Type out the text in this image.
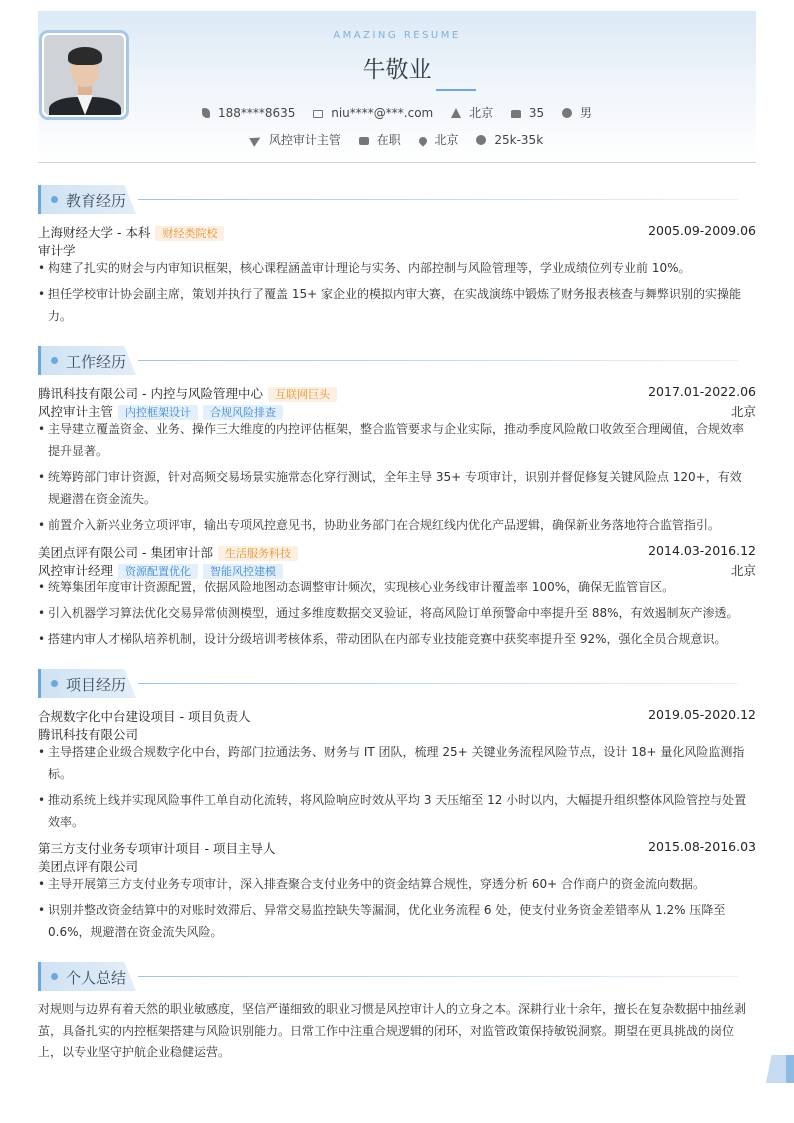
AMAZING RESUME
牛敬业
188****8635	niu****@***.com	北京	35	男
风控审计主管	在职	北京	25k-35k
教育经历
上海财经大学 - 本科 财经类院校	2005.09-2009.06
审计学
• 构建了扎实的财会与内审知识框架，核心课程涵盖审计理论与实务、内部控制与风险管理等，学业成绩位列专业前 10%。
• 担任学校审计协会副主席，策划并执行了覆盖 15+ 家企业的模拟内审大赛，在实战演练中锻炼了财务报表核查与舞弊识别的实操能力。
工作经历
腾讯科技有限公司 - 内控与风险管理中心 互联网巨头	2017.01-2022.06
风控审计主管 内控框架设计 合规风险排查	北京
• 主导建立覆盖资金、业务、操作三大维度的内控评估框架，整合监管要求与企业实际，推动季度风险敞口收敛至合理阈值，合规效率提升显著。
• 统筹跨部门审计资源，针对高频交易场景实施常态化穿行测试，全年主导 35+ 专项审计，识别并督促修复关键风险点 120+，有效规避潜在资金流失。
• 前置介入新兴业务立项评审，输出专项风控意见书，协助业务部门在合规红线内优化产品逻辑，确保新业务落地符合监管指引。
美团点评有限公司 - 集团审计部 生活服务科技	2014.03-2016.12
风控审计经理 资源配置优化 智能风控建模	北京
• 统筹集团年度审计资源配置，依据风险地图动态调整审计频次，实现核心业务线审计覆盖率 100%，确保无监管盲区。
• 引入机器学习算法优化交易异常侦测模型，通过多维度数据交叉验证，将高风险订单预警命中率提升至 88%，有效遏制灰产渗透。
• 搭建内审人才梯队培养机制，设计分级培训考核体系，带动团队在内部专业技能竞赛中获奖率提升至 92%，强化全员合规意识。
项目经历
合规数字化中台建设项目 - 项目负责人	2019.05-2020.12
腾讯科技有限公司
• 主导搭建企业级合规数字化中台，跨部门拉通法务、财务与 IT 团队，梳理 25+ 关键业务流程风险节点，设计 18+ 量化风险监测指标。
• 推动系统上线并实现风险事件工单自动化流转，将风险响应时效从平均 3 天压缩至 12 小时以内，大幅提升组织整体风险管控与处置效率。
第三方支付业务专项审计项目 - 项目主导人	2015.08-2016.03
美团点评有限公司
• 主导开展第三方支付业务专项审计，深入排查聚合支付业务中的资金结算合规性，穿透分析 60+ 合作商户的资金流向数据。
• 识别并整改资金结算中的对账时效滞后、异常交易监控缺失等漏洞，优化业务流程 6 处，使支付业务资金差错率从 1.2% 压降至 0.6%，规避潜在资金流失风险。
个人总结
对规则与边界有着天然的职业敏感度，坚信严谨细致的职业习惯是风控审计人的立身之本。深耕行业十余年，擅长在复杂数据中抽丝剥茧，具备扎实的内控框架搭建与风险识别能力。日常工作中注重合规逻辑的闭环，对监管政策保持敏锐洞察。期望在更具挑战的岗位上，以专业坚守护航企业稳健运营。
